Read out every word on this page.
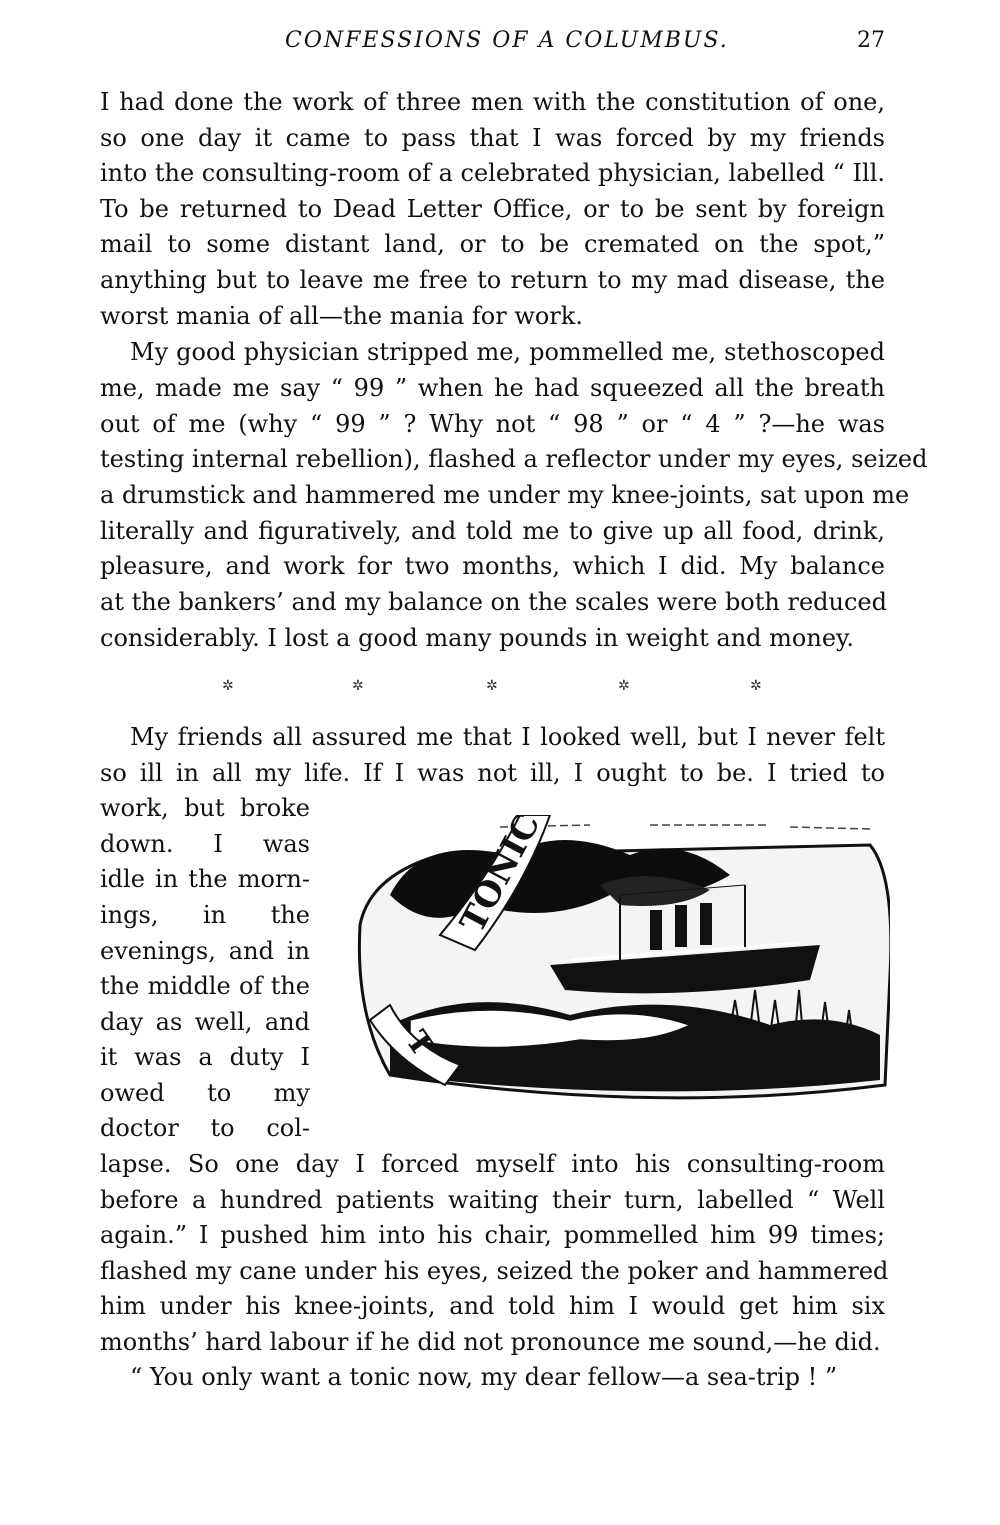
CONFESSIONS OF A COLUMBUS.	27
I had done the work of three men with the constitution of one,
so one day it came to pass that I was forced by my friends
into the consulting-room of a celebrated physician, labelled “ Ill.
To be returned to Dead Letter Office, or to be sent by foreign
mail to some distant land, or to be cremated on the spot,”
anything but to leave me free to return to my mad disease, the
worst mania of all—the mania for work.
My good physician stripped me, pommelled me, stethoscoped
me, made me say “ 99 ” when he had squeezed all the breath
out of me (why “ 99 ” ? Why not “ 98 ” or “ 4 ” ?—he was
testing internal rebellion), flashed a reflector under my eyes, seized
a drumstick and hammered me under my knee-joints, sat upon me
literally and figuratively, and told me to give up all food, drink,
pleasure, and work for two months, which I did. My balance
at the bankers’ and my balance on the scales were both reduced
considerably. I lost a good many pounds in weight and money.
✲	✲	✲	✲	✲
My friends all assured me that I looked well, but I never felt
so ill in all my life. If I was not ill, I ought to be. I tried to
work, but broke
down. I was
idle in the morn-
ings, in the
evenings, and in
the middle of the
day as well, and
it was a duty I
owed to my
doctor to col-
lapse. So one day I forced myself into his consulting-room
before a hundred patients waiting their turn, labelled “ Well
again.” I pushed him into his chair, pommelled him 99 times;
flashed my cane under his eyes, seized the poker and hammered
him under his knee-joints, and told him I would get him six
months’ hard labour if he did not pronounce me sound,—he did.
“ You only want a tonic now, my dear fellow—a sea-trip ! ”
TONIC
T
